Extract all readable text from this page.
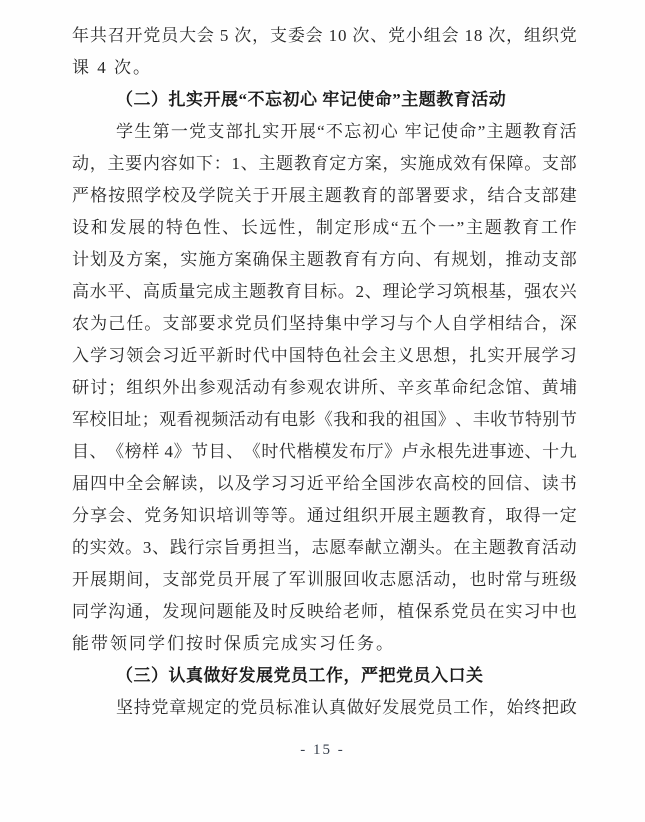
年 共 召 开 党 员 大 会
5
次 ， 支 委 会
1 0
次 、 党 小 组 会
1 8
次 ， 组 织 党
课 4 次。
（二）扎实开展“不忘初心 牢记使命”主题教育活动
学 生 第 一 党 支 部 扎 实 开 展 “ 不 忘 初 心
牢 记 使 命 ” 主 题 教 育 活
动 ， 主 要 内 容 如 下 ： 1 、 主 题 教 育 定 方 案 ， 实 施 成 效 有 保 障 。 支 部
严 格 按 照 学 校 及 学 院 关 于 开 展 主 题 教 育 的 部 署 要 求 ， 结 合 支 部 建
设 和 发 展 的 特 色 性 、 长 远 性 ， 制 定 形 成 “ 五 个 一 ” 主 题 教 育 工 作
计 划 及 方 案 ， 实 施 方 案 确 保 主 题 教 育 有 方 向 、 有 规 划 ， 推 动 支 部
高 水 平 、 高 质 量 完 成 主 题 教 育 目 标 。 2 、 理 论 学 习 筑 根 基 ， 强 农 兴
农 为 己 任 。 支 部 要 求 党 员 们 坚 持 集 中 学 习 与 个 人 自 学 相 结 合 ， 深
入 学 习 领 会 习 近 平 新 时 代 中 国 特 色 社 会 主 义 思 想 ， 扎 实 开 展 学 习
研 讨 ； 组 织 外 出 参 观 活 动 有 参 观 农 讲 所 、 辛 亥 革 命 纪 念 馆 、 黄 埔
军 校 旧 址 ； 观 看 视 频 活 动 有 电 影 《 我 和 我 的 祖 国 》 、 丰 收 节 特 别 节
目 、 《 榜 样
4 》 节 目 、 《 时 代 楷 模 发 布 厅 》 卢 永 根 先 进 事 迹 、 十 九
届 四 中 全 会 解 读 ， 以 及 学 习 习 近 平 给 全 国 涉 农 高 校 的 回 信 、 读 书
分 享 会 、 党 务 知 识 培 训 等 等 。 通 过 组 织 开 展 主 题 教 育 ， 取 得 一 定
的 实 效 。 3 、 践 行 宗 旨 勇 担 当 ， 志 愿 奉 献 立 潮 头 。 在 主 题 教 育 活 动
开 展 期 间 ， 支 部 党 员 开 展 了 军 训 服 回 收 志 愿 活 动 ， 也 时 常 与 班 级
同 学 沟 通 ， 发 现 问 题 能 及 时 反 映 给 老 师 ， 植 保 系 党 员 在 实 习 中 也
能带领同学们按时保质完成实习任务。
（三）认真做好发展党员工作，严把党员入口关
坚 持 党 章 规 定 的 党 员 标 准 认 真 做 好 发 展 党 员 工 作 ， 始 终 把 政
- 15 -
